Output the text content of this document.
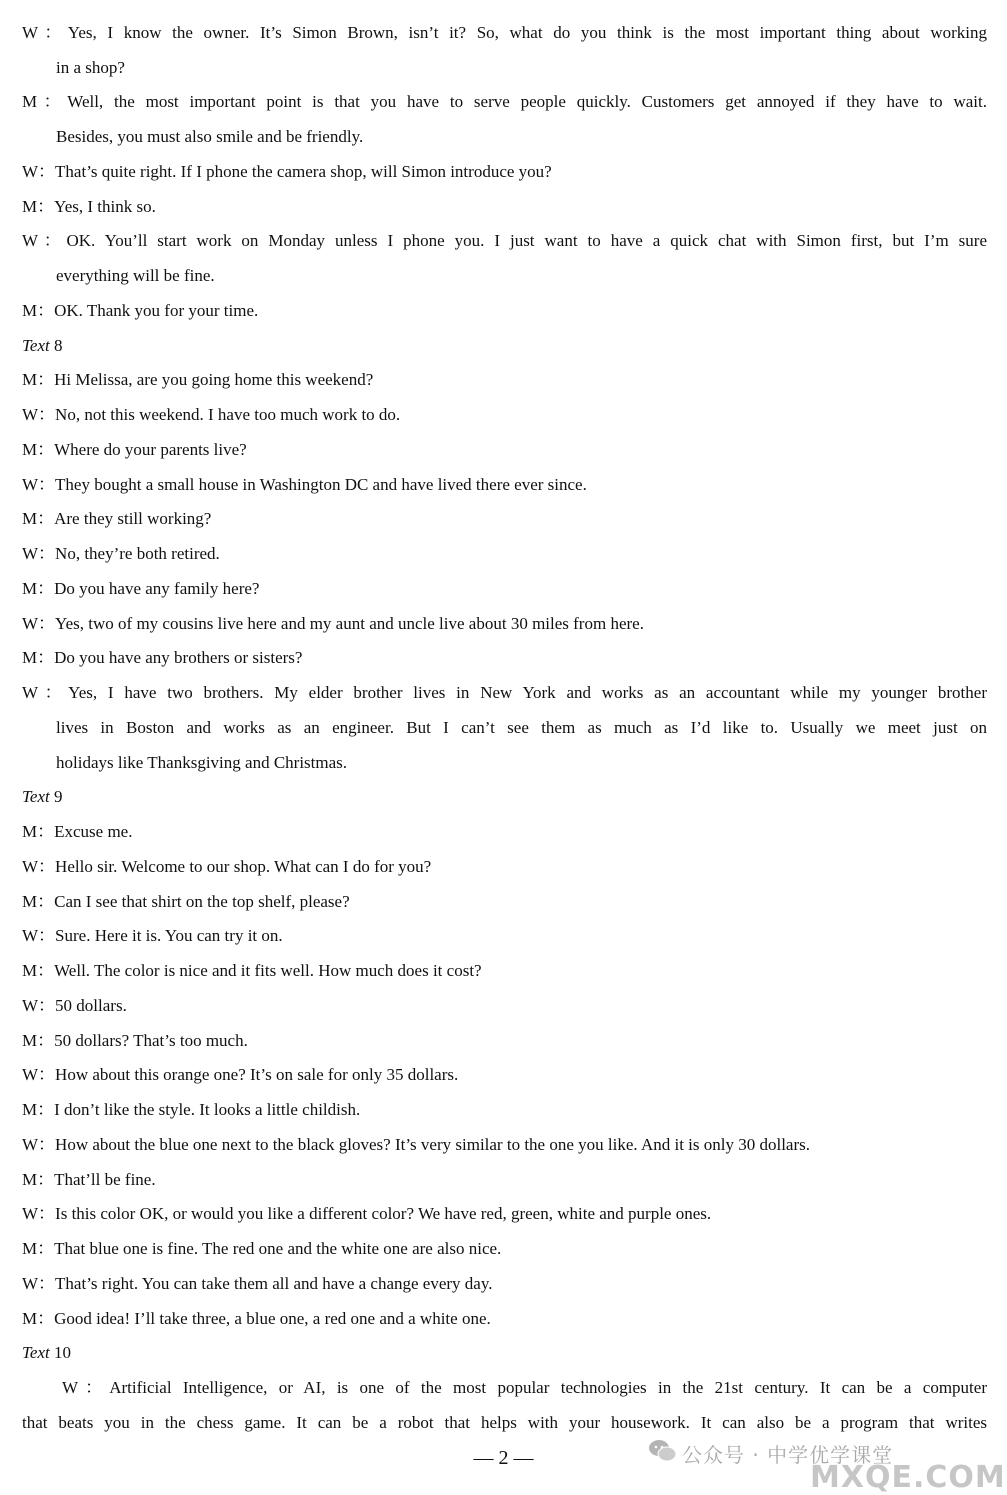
W：Yes, I know the owner. It’s Simon Brown, isn’t it? So, what do you think is the most important thing about working
in a shop?
M：Well, the most important point is that you have to serve people quickly. Customers get annoyed if they have to wait.
Besides, you must also smile and be friendly.
W：That’s quite right. If I phone the camera shop, will Simon introduce you?
M：Yes, I think so.
W：OK. You’ll start work on Monday unless I phone you. I just want to have a quick chat with Simon first, but I’m sure
everything will be fine.
M：OK. Thank you for your time.
Text 8
M：Hi Melissa, are you going home this weekend?
W：No, not this weekend. I have too much work to do.
M：Where do your parents live?
W：They bought a small house in Washington DC and have lived there ever since.
M：Are they still working?
W：No, they’re both retired.
M：Do you have any family here?
W：Yes, two of my cousins live here and my aunt and uncle live about 30 miles from here.
M：Do you have any brothers or sisters?
W：Yes, I have two brothers. My elder brother lives in New York and works as an accountant while my younger brother
lives in Boston and works as an engineer. But I can’t see them as much as I’d like to. Usually we meet just on
holidays like Thanksgiving and Christmas.
Text 9
M：Excuse me.
W：Hello sir. Welcome to our shop. What can I do for you?
M：Can I see that shirt on the top shelf, please?
W：Sure. Here it is. You can try it on.
M：Well. The color is nice and it fits well. How much does it cost?
W：50 dollars.
M：50 dollars? That’s too much.
W：How about this orange one? It’s on sale for only 35 dollars.
M：I don’t like the style. It looks a little childish.
W：How about the blue one next to the black gloves? It’s very similar to the one you like. And it is only 30 dollars.
M：That’ll be fine.
W：Is this color OK, or would you like a different color? We have red, green, white and purple ones.
M：That blue one is fine. The red one and the white one are also nice.
W：That’s right. You can take them all and have a change every day.
M：Good idea! I’ll take three, a blue one, a red one and a white one.
Text 10
W：Artificial Intelligence, or AI, is one of the most popular technologies in the 21st century. It can be a computer
that beats you in the chess game. It can be a robot that helps with your housework. It can also be a program that writes
— 2 —	公众号 · 中学优学课堂
MXQE.COM
